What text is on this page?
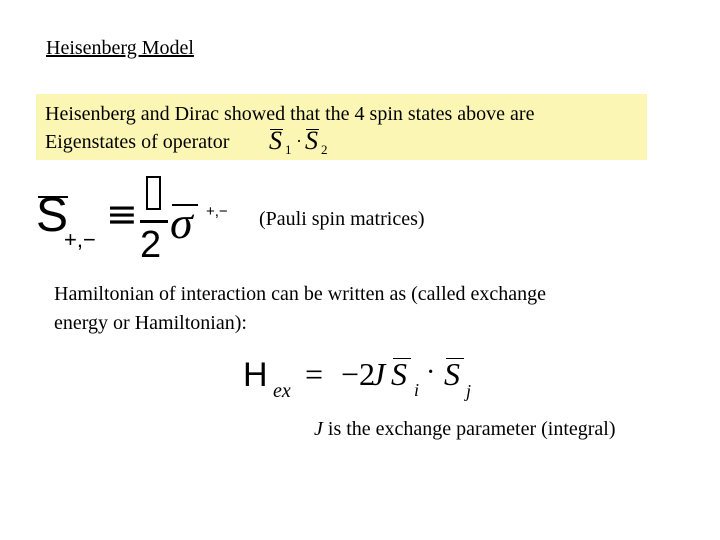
Heisenberg Model
Heisenberg and Dirac showed that the 4 spin states above are
Eigenstates of operator S 1 · S 2
S
+,−
≡
2 σ +,− (Pauli spin matrices)
Hamiltonian of interaction can be written as (called exchange
energy or Hamiltonian):
H ex = −2
J S i
· S j
J is the exchange parameter (integral)
